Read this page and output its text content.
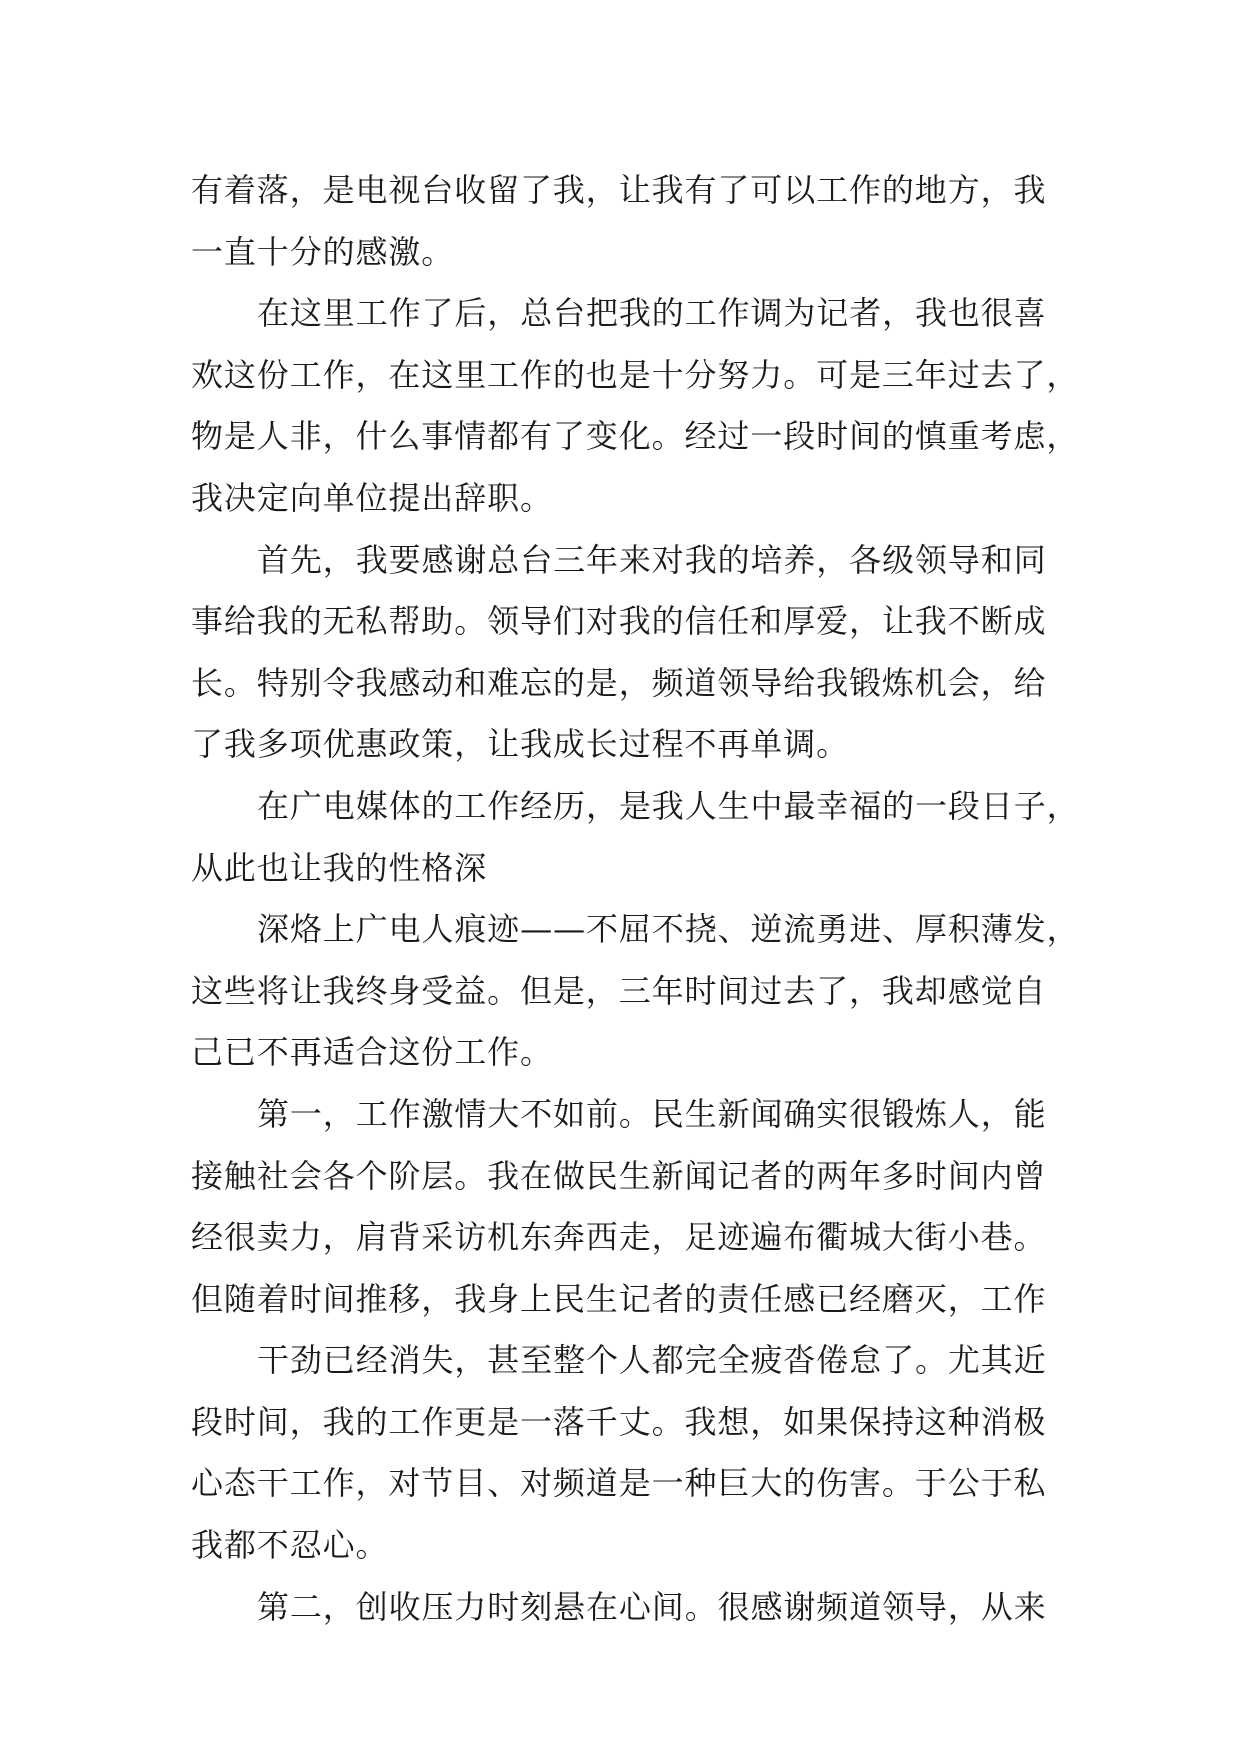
有着落，是电视台收留了我，让我有了可以工作的地方，我
一直十分的感激。
在这里工作了后，总台把我的工作调为记者，我也很喜
欢这份工作，在这里工作的也是十分努力。可是三年过去了，
物是人非，什么事情都有了变化。经过一段时间的慎重考虑，
我决定向单位提出辞职。
首先，我要感谢总台三年来对我的培养，各级领导和同
事给我的无私帮助。领导们对我的信任和厚爱，让我不断成
长。特别令我感动和难忘的是，频道领导给我锻炼机会，给
了我多项优惠政策，让我成长过程不再单调。
在广电媒体的工作经历，是我人生中最幸福的一段日子，
从此也让我的性格深
深烙上广电人痕迹——不屈不挠、逆流勇进、厚积薄发，
这些将让我终身受益。但是，三年时间过去了，我却感觉自
己已不再适合这份工作。
第一，工作激情大不如前。民生新闻确实很锻炼人，能
接触社会各个阶层。我在做民生新闻记者的两年多时间内曾
经很卖力，肩背采访机东奔西走，足迹遍布衢城大街小巷。
但随着时间推移，我身上民生记者的责任感已经磨灭，工作
干劲已经消失，甚至整个人都完全疲沓倦怠了。尤其近
段时间，我的工作更是一落千丈。我想，如果保持这种消极
心态干工作，对节目、对频道是一种巨大的伤害。于公于私
我都不忍心。
第二，创收压力时刻悬在心间。很感谢频道领导，从来
